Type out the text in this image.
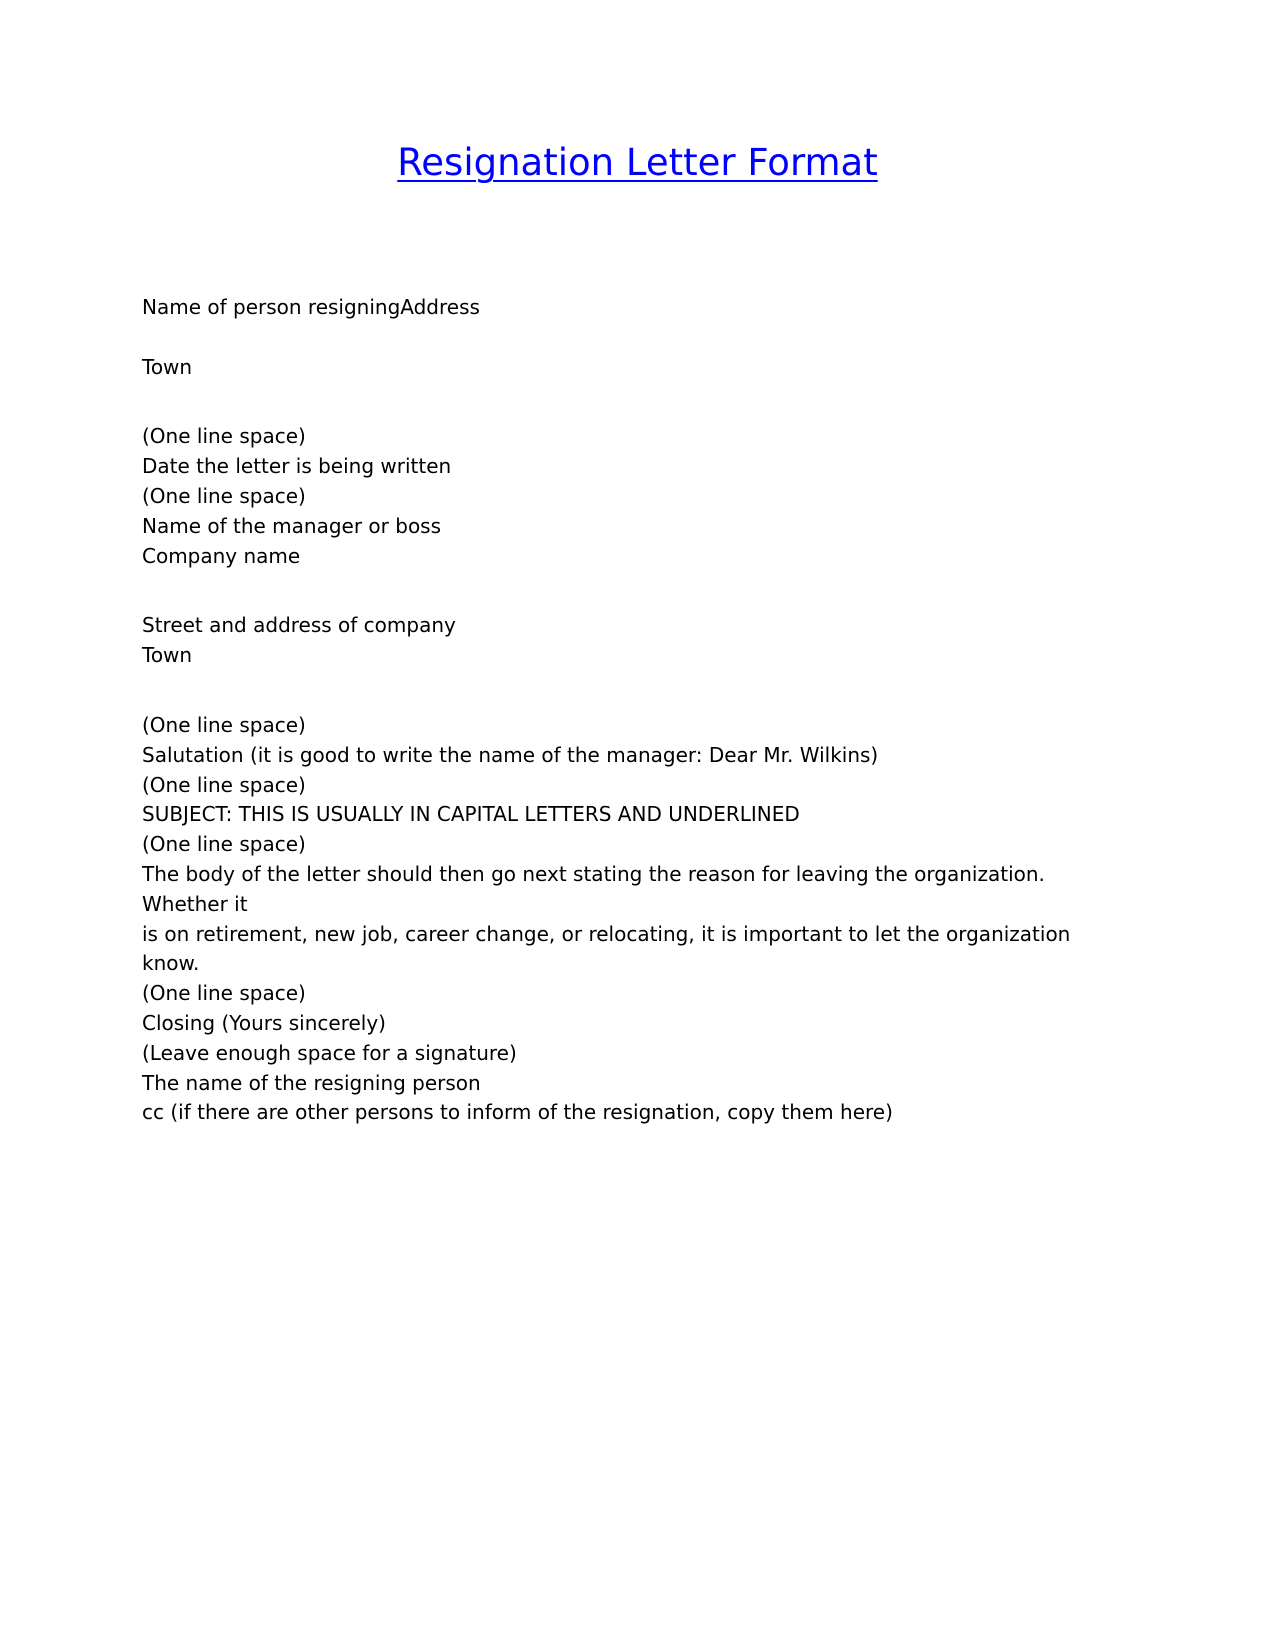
Resignation Letter Format

Name of person resigningAddress

Town

(One line space)

Date the letter is being written

(One line space)

Name of the manager or boss

Company name

Street and address of company

Town

(One line space)

Salutation (it is good to write the name of the manager: Dear Mr. Wilkins)

(One line space)

SUBJECT: THIS IS USUALLY IN CAPITAL LETTERS AND UNDERLINED

(One line space)

The body of the letter should then go next stating the reason for leaving the organization. Whether it

is on retirement, new job, career change, or relocating, it is important to let the organization know.

(One line space)

Closing (Yours sincerely)

(Leave enough space for a signature)

The name of the resigning person

cc (if there are other persons to inform of the resignation, copy them here)
